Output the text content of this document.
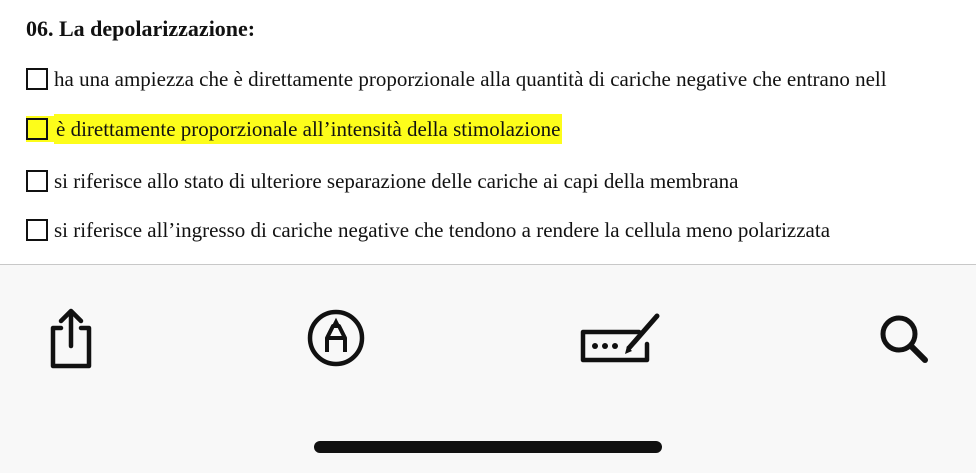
06. La depolarizzazione:
ha una ampiezza che è direttamente proporzionale alla quantità di cariche negative che entrano nell
è direttamente proporzionale all’intensità della stimolazione
si riferisce allo stato di ulteriore separazione delle cariche ai capi della membrana
si riferisce all’ingresso di cariche negative che tendono a rendere la cellula meno polarizzata
